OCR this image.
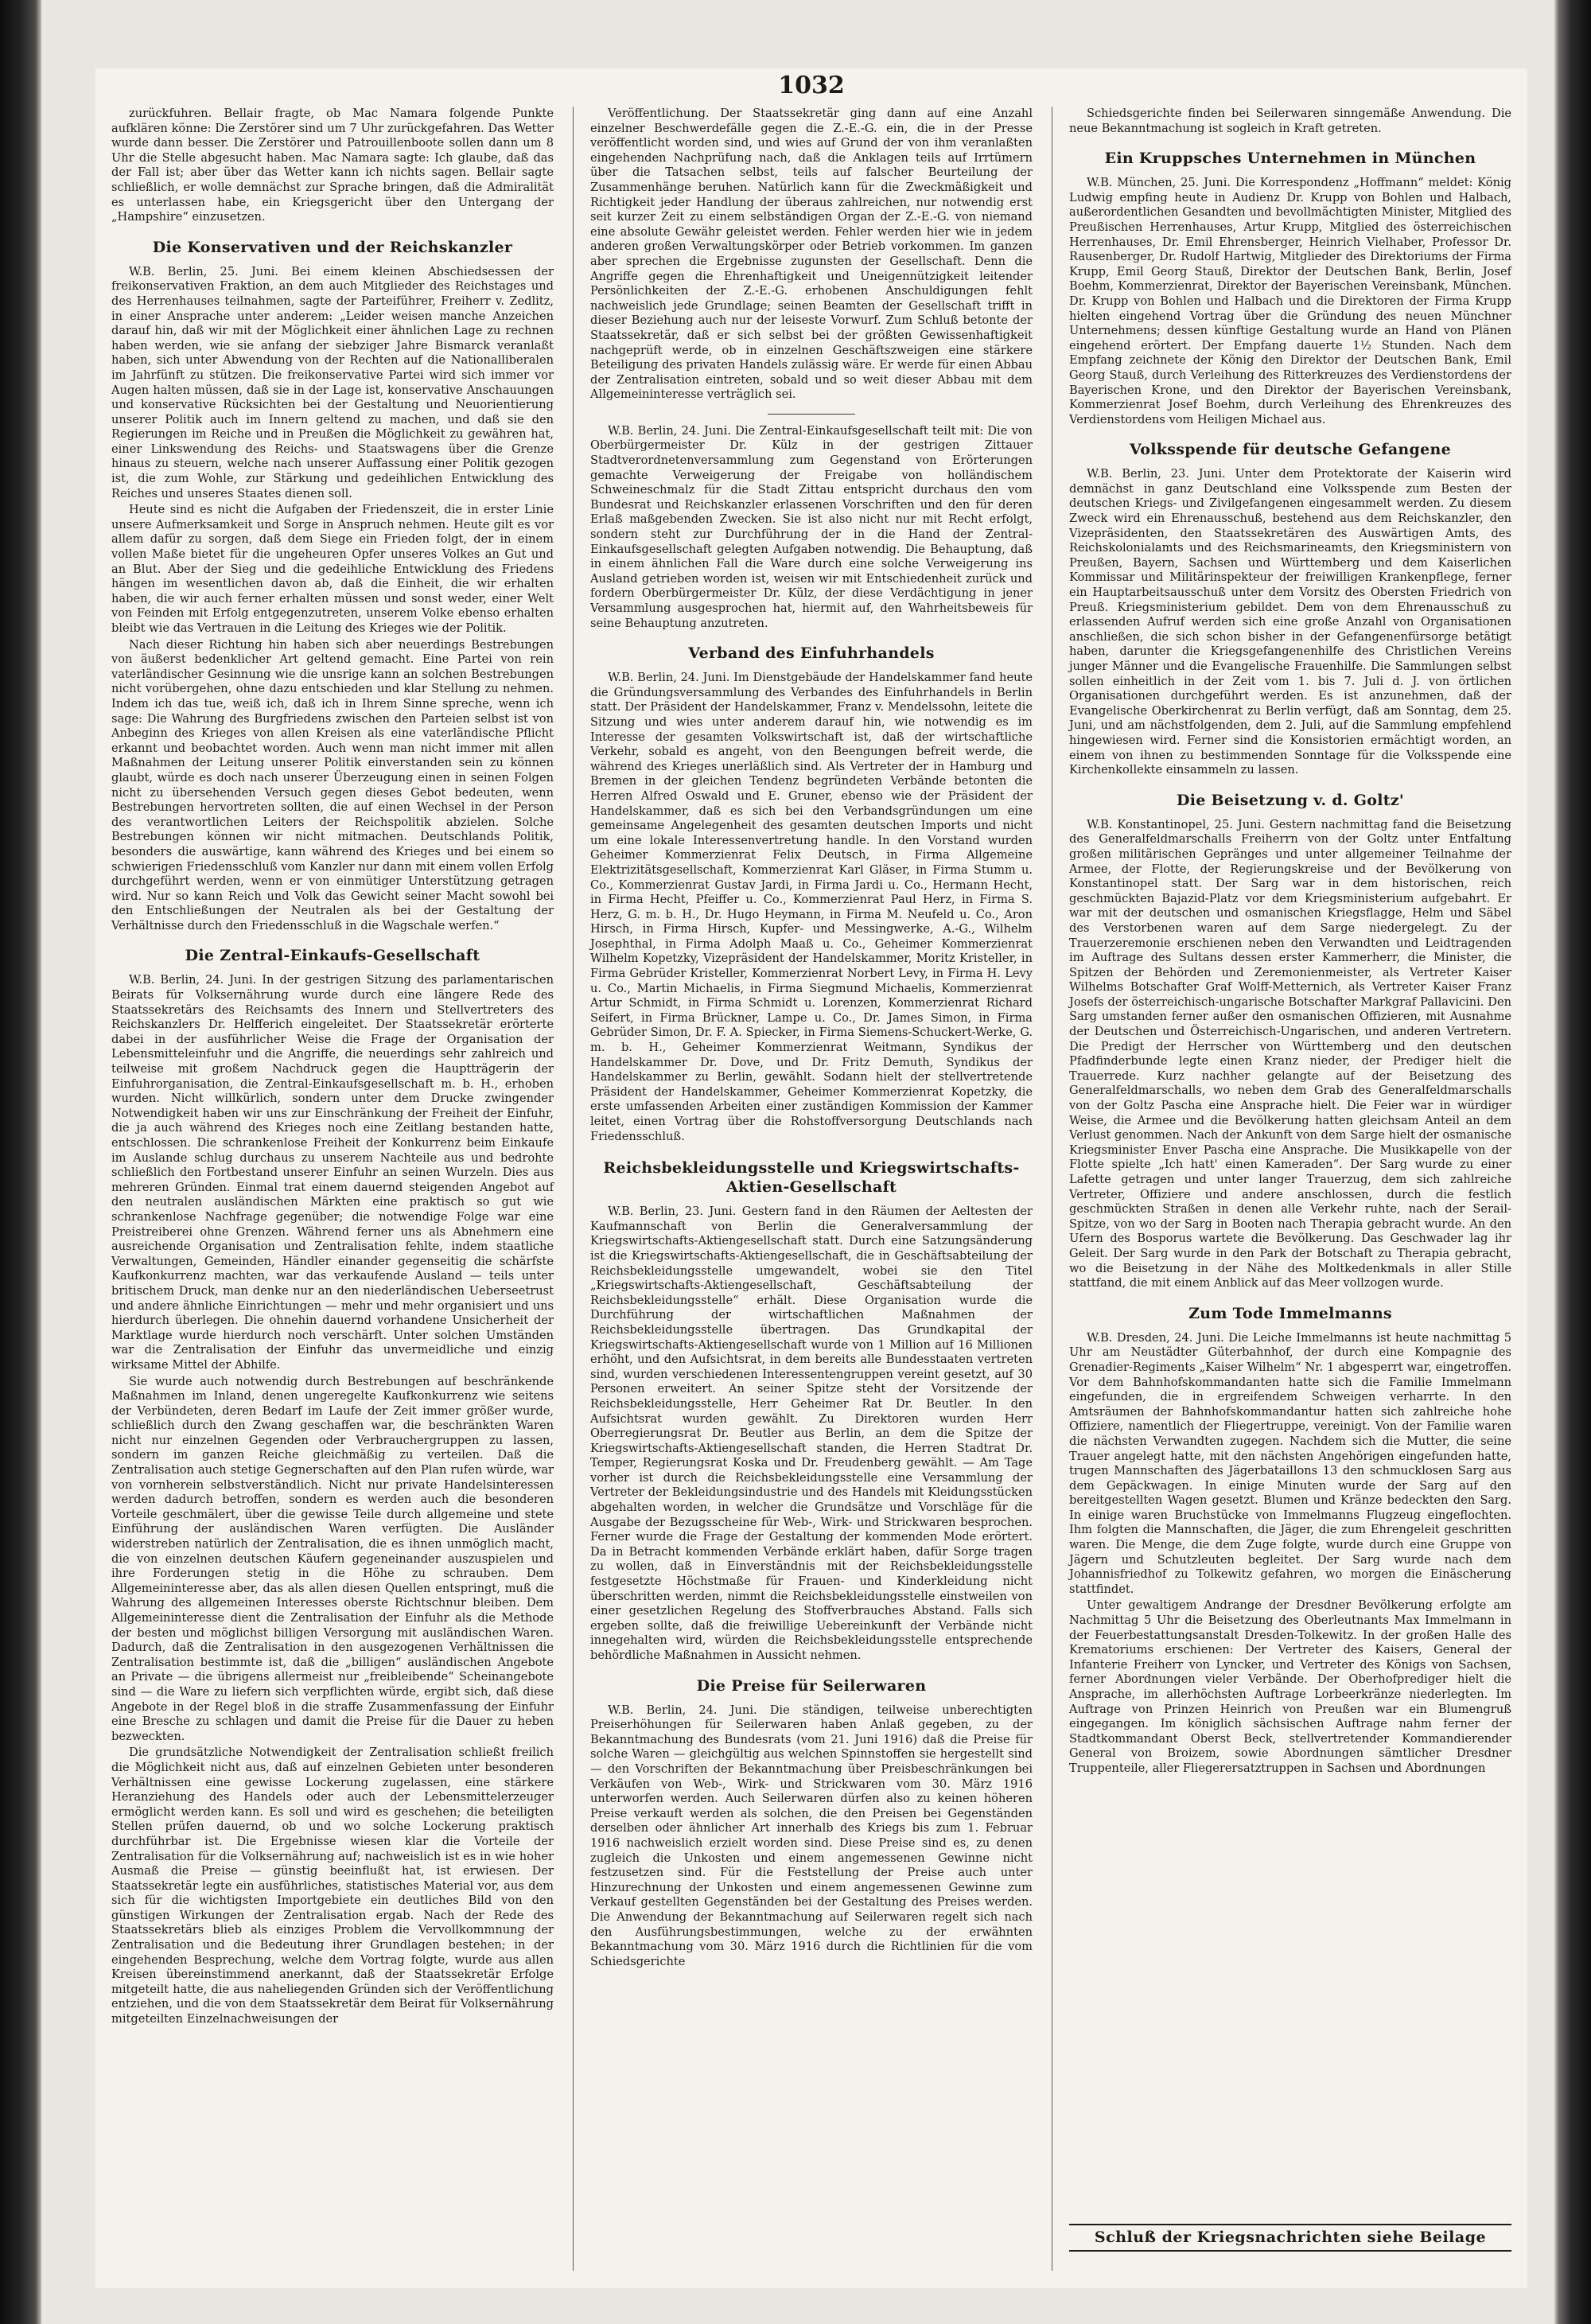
1032

zurückfuhren. Bellair fragte, ob Mac Namara folgende Punkte aufklären könne: Die Zerstörer sind um 7 Uhr zurückgefahren. Das Wetter wurde dann besser. Die Zerstörer und Patrouillenboote sollen dann um 8 Uhr die Stelle abgesucht haben. Mac Namara sagte: Ich glaube, daß das der Fall ist; aber über das Wetter kann ich nichts sagen. Bellair sagte schließlich, er wolle demnächst zur Sprache bringen, daß die Admiralität es unterlassen habe, ein Kriegsgericht über den Untergang der „Hampshire“ einzusetzen.

Die Konservativen und der Reichskanzler

W.B. Berlin, 25. Juni. Bei einem kleinen Abschiedsessen der freikonservativen Fraktion, an dem auch Mitglieder des Reichstages und des Herrenhauses teilnahmen, sagte der Parteiführer, Freiherr v. Zedlitz, in einer Ansprache unter anderem: „Leider weisen manche Anzeichen darauf hin, daß wir mit der Möglichkeit einer ähnlichen Lage zu rechnen haben werden, wie sie anfang der siebziger Jahre Bismarck veranlaßt haben, sich unter Abwendung von der Rechten auf die Nationalliberalen im Jahrfünft zu stützen. Die freikonservative Partei wird sich immer vor Augen halten müssen, daß sie in der Lage ist, konservative Anschauungen und konservative Rücksichten bei der Gestaltung und Neuorientierung unserer Politik auch im Innern geltend zu machen, und daß sie den Regierungen im Reiche und in Preußen die Möglichkeit zu gewähren hat, einer Linkswendung des Reichs- und Staatswagens über die Grenze hinaus zu steuern, welche nach unserer Auffassung einer Politik gezogen ist, die zum Wohle, zur Stärkung und gedeihlichen Entwicklung des Reiches und unseres Staates dienen soll.

Heute sind es nicht die Aufgaben der Friedenszeit, die in erster Linie unsere Aufmerksamkeit und Sorge in Anspruch nehmen. Heute gilt es vor allem dafür zu sorgen, daß dem Siege ein Frieden folgt, der in einem vollen Maße bietet für die ungeheuren Opfer unseres Volkes an Gut und an Blut. Aber der Sieg und die gedeihliche Entwicklung des Friedens hängen im wesentlichen davon ab, daß die Einheit, die wir erhalten haben, die wir auch ferner erhalten müssen und sonst weder, einer Welt von Feinden mit Erfolg entgegenzutreten, unserem Volke ebenso erhalten bleibt wie das Vertrauen in die Leitung des Krieges wie der Politik.

Nach dieser Richtung hin haben sich aber neuerdings Bestrebungen von äußerst bedenklicher Art geltend gemacht. Eine Partei von rein vaterländischer Gesinnung wie die unsrige kann an solchen Bestrebungen nicht vorübergehen, ohne dazu entschieden und klar Stellung zu nehmen. Indem ich das tue, weiß ich, daß ich in Ihrem Sinne spreche, wenn ich sage: Die Wahrung des Burgfriedens zwischen den Parteien selbst ist von Anbeginn des Krieges von allen Kreisen als eine vaterländische Pflicht erkannt und beobachtet worden. Auch wenn man nicht immer mit allen Maßnahmen der Leitung unserer Politik einverstanden sein zu können glaubt, würde es doch nach unserer Überzeugung einen in seinen Folgen nicht zu übersehenden Versuch gegen dieses Gebot bedeuten, wenn Bestrebungen hervortreten sollten, die auf einen Wechsel in der Person des verantwortlichen Leiters der Reichspolitik abzielen. Solche Bestrebungen können wir nicht mitmachen. Deutschlands Politik, besonders die auswärtige, kann während des Krieges und bei einem so schwierigen Friedensschluß vom Kanzler nur dann mit einem vollen Erfolg durchgeführt werden, wenn er von einmütiger Unterstützung getragen wird. Nur so kann Reich und Volk das Gewicht seiner Macht sowohl bei den Entschließungen der Neutralen als bei der Gestaltung der Verhältnisse durch den Friedensschluß in die Wagschale werfen.“

Die Zentral-Einkaufs-Gesellschaft

W.B. Berlin, 24. Juni. In der gestrigen Sitzung des parlamentarischen Beirats für Volksernährung wurde durch eine längere Rede des Staatssekretärs des Reichsamts des Innern und Stellvertreters des Reichskanzlers Dr. Helfferich eingeleitet. Der Staatssekretär erörterte dabei in der ausführlicher Weise die Frage der Organisation der Lebensmitteleinfuhr und die Angriffe, die neuerdings sehr zahlreich und teilweise mit großem Nachdruck gegen die Hauptträgerin der Einfuhrorganisation, die Zentral-Einkaufsgesellschaft m. b. H., erhoben wurden. Nicht willkürlich, sondern unter dem Drucke zwingender Notwendigkeit haben wir uns zur Einschränkung der Freiheit der Einfuhr, die ja auch während des Krieges noch eine Zeitlang bestanden hatte, entschlossen. Die schrankenlose Freiheit der Konkurrenz beim Einkaufe im Auslande schlug durchaus zu unserem Nachteile aus und bedrohte schließlich den Fortbestand unserer Einfuhr an seinen Wurzeln. Dies aus mehreren Gründen. Einmal trat einem dauernd steigenden Angebot auf den neutralen ausländischen Märkten eine praktisch so gut wie schrankenlose Nachfrage gegenüber; die notwendige Folge war eine Preistreiberei ohne Grenzen. Während ferner uns als Abnehmern eine ausreichende Organisation und Zentralisation fehlte, indem staatliche Verwaltungen, Gemeinden, Händler einander gegenseitig die schärfste Kaufkonkurrenz machten, war das verkaufende Ausland — teils unter britischem Druck, man denke nur an den niederländischen Ueberseetrust und andere ähnliche Einrichtungen — mehr und mehr organisiert und uns hierdurch überlegen. Die ohnehin dauernd vorhandene Unsicherheit der Marktlage wurde hierdurch noch verschärft. Unter solchen Umständen war die Zentralisation der Einfuhr das unvermeidliche und einzig wirksame Mittel der Abhilfe.

Sie wurde auch notwendig durch Bestrebungen auf beschränkende Maßnahmen im Inland, denen ungeregelte Kaufkonkurrenz wie seitens der Verbündeten, deren Bedarf im Laufe der Zeit immer größer wurde, schließlich durch den Zwang geschaffen war, die beschränkten Waren nicht nur einzelnen Gegenden oder Verbrauchergruppen zu lassen, sondern im ganzen Reiche gleichmäßig zu verteilen. Daß die Zentralisation auch stetige Gegnerschaften auf den Plan rufen würde, war von vornherein selbstverständlich. Nicht nur private Handelsinteressen werden dadurch betroffen, sondern es werden auch die besonderen Vorteile geschmälert, über die gewisse Teile durch allgemeine und stete Einführung der ausländischen Waren verfügten. Die Ausländer widerstreben natürlich der Zentralisation, die es ihnen unmöglich macht, die von einzelnen deutschen Käufern gegeneinander auszuspielen und ihre Forderungen stetig in die Höhe zu schrauben. Dem Allgemeininteresse aber, das als allen diesen Quellen entspringt, muß die Wahrung des allgemeinen Interesses oberste Richtschnur bleiben. Dem Allgemeininteresse dient die Zentralisation der Einfuhr als die Methode der besten und möglichst billigen Versorgung mit ausländischen Waren. Dadurch, daß die Zentralisation in den ausgezogenen Verhältnissen die Zentralisation bestimmte ist, daß die „billigen“ ausländischen Angebote an Private — die übrigens allermeist nur „freibleibende“ Scheinangebote sind — die Ware zu liefern sich verpflichten würde, ergibt sich, daß diese Angebote in der Regel bloß in die straffe Zusammenfassung der Einfuhr eine Bresche zu schlagen und damit die Preise für die Dauer zu heben bezweckten.

Die grundsätzliche Notwendigkeit der Zentralisation schließt freilich die Möglichkeit nicht aus, daß auf einzelnen Gebieten unter besonderen Verhältnissen eine gewisse Lockerung zugelassen, eine stärkere Heranziehung des Handels oder auch der Lebensmittelerzeuger ermöglicht werden kann. Es soll und wird es geschehen; die beteiligten Stellen prüfen dauernd, ob und wo solche Lockerung praktisch durchführbar ist. Die Ergebnisse wiesen klar die Vorteile der Zentralisation für die Volksernährung auf; nachweislich ist es in wie hoher Ausmaß die Preise — günstig beeinflußt hat, ist erwiesen. Der Staatssekretär legte ein ausführliches, statistisches Material vor, aus dem sich für die wichtigsten Importgebiete ein deutliches Bild von den günstigen Wirkungen der Zentralisation ergab. Nach der Rede des Staatssekretärs blieb als einziges Problem die Vervollkommnung der Zentralisation und die Bedeutung ihrer Grundlagen bestehen; in der eingehenden Besprechung, welche dem Vortrag folgte, wurde aus allen Kreisen übereinstimmend anerkannt, daß der Staatssekretär Erfolge mitgeteilt hatte, die aus naheliegenden Gründen sich der Veröffentlichung entziehen, und die von dem Staatssekretär dem Beirat für Volksernährung mitgeteilten Einzelnachweisungen der

Veröffentlichung. Der Staatssekretär ging dann auf eine Anzahl einzelner Beschwerdefälle gegen die Z.-E.-G. ein, die in der Presse veröffentlicht worden sind, und wies auf Grund der von ihm veranlaßten eingehenden Nachprüfung nach, daß die Anklagen teils auf Irrtümern über die Tatsachen selbst, teils auf falscher Beurteilung der Zusammenhänge beruhen. Natürlich kann für die Zweckmäßigkeit und Richtigkeit jeder Handlung der überaus zahlreichen, nur notwendig erst seit kurzer Zeit zu einem selbständigen Organ der Z.-E.-G. von niemand eine absolute Gewähr geleistet werden. Fehler werden hier wie in jedem anderen großen Verwaltungskörper oder Betrieb vorkommen. Im ganzen aber sprechen die Ergebnisse zugunsten der Gesellschaft. Denn die Angriffe gegen die Ehrenhaftigkeit und Uneigennützigkeit leitender Persönlichkeiten der Z.-E.-G. erhobenen Anschuldigungen fehlt nachweislich jede Grundlage; seinen Beamten der Gesellschaft trifft in dieser Beziehung auch nur der leiseste Vorwurf. Zum Schluß betonte der Staatssekretär, daß er sich selbst bei der größten Gewissenhaftigkeit nachgeprüft werde, ob in einzelnen Geschäftszweigen eine stärkere Beteiligung des privaten Handels zulässig wäre. Er werde für einen Abbau der Zentralisation eintreten, sobald und so weit dieser Abbau mit dem Allgemeininteresse verträglich sei.

W.B. Berlin, 24. Juni. Die Zentral-Einkaufsgesellschaft teilt mit: Die von Oberbürgermeister Dr. Külz in der gestrigen Zittauer Stadtverordnetenversammlung zum Gegenstand von Erörterungen gemachte Verweigerung der Freigabe von holländischem Schweineschmalz für die Stadt Zittau entspricht durchaus den vom Bundesrat und Reichskanzler erlassenen Vorschriften und den für deren Erlaß maßgebenden Zwecken. Sie ist also nicht nur mit Recht erfolgt, sondern steht zur Durchführung der in die Hand der Zentral-Einkaufsgesellschaft gelegten Aufgaben notwendig. Die Behauptung, daß in einem ähnlichen Fall die Ware durch eine solche Verweigerung ins Ausland getrieben worden ist, weisen wir mit Entschiedenheit zurück und fordern Oberbürgermeister Dr. Külz, der diese Verdächtigung in jener Versammlung ausgesprochen hat, hiermit auf, den Wahrheitsbeweis für seine Behauptung anzutreten.

Verband des Einfuhrhandels

W.B. Berlin, 24. Juni. Im Dienstgebäude der Handelskammer fand heute die Gründungsversammlung des Verbandes des Einfuhrhandels in Berlin statt. Der Präsident der Handelskammer, Franz v. Mendelssohn, leitete die Sitzung und wies unter anderem darauf hin, wie notwendig es im Interesse der gesamten Volkswirtschaft ist, daß der wirtschaftliche Verkehr, sobald es angeht, von den Beengungen befreit werde, die während des Krieges unerläßlich sind. Als Vertreter der in Hamburg und Bremen in der gleichen Tendenz begründeten Verbände betonten die Herren Alfred Oswald und E. Gruner, ebenso wie der Präsident der Handelskammer, daß es sich bei den Verbandsgründungen um eine gemeinsame Angelegenheit des gesamten deutschen Imports und nicht um eine lokale Interessenvertretung handle. In den Vorstand wurden Geheimer Kommerzienrat Felix Deutsch, in Firma Allgemeine Elektrizitätsgesellschaft, Kommerzienrat Karl Gläser, in Firma Stumm u. Co., Kommerzienrat Gustav Jardi, in Firma Jardi u. Co., Hermann Hecht, in Firma Hecht, Pfeiffer u. Co., Kommerzienrat Paul Herz, in Firma S. Herz, G. m. b. H., Dr. Hugo Heymann, in Firma M. Neufeld u. Co., Aron Hirsch, in Firma Hirsch, Kupfer- und Messingwerke, A.-G., Wilhelm Josephthal, in Firma Adolph Maaß u. Co., Geheimer Kommerzienrat Wilhelm Kopetzky, Vizepräsident der Handelskammer, Moritz Kristeller, in Firma Gebrüder Kristeller, Kommerzienrat Norbert Levy, in Firma H. Levy u. Co., Martin Michaelis, in Firma Siegmund Michaelis, Kommerzienrat Artur Schmidt, in Firma Schmidt u. Lorenzen, Kommerzienrat Richard Seifert, in Firma Brückner, Lampe u. Co., Dr. James Simon, in Firma Gebrüder Simon, Dr. F. A. Spiecker, in Firma Siemens-Schuckert-Werke, G. m. b. H., Geheimer Kommerzienrat Weitmann, Syndikus der Handelskammer Dr. Dove, und Dr. Fritz Demuth, Syndikus der Handelskammer zu Berlin, gewählt. Sodann hielt der stellvertretende Präsident der Handelskammer, Geheimer Kommerzienrat Kopetzky, die erste umfassenden Arbeiten einer zuständigen Kommission der Kammer leitet, einen Vortrag über die Rohstoffversorgung Deutschlands nach Friedensschluß.

Reichsbekleidungsstelle und Kriegswirtschafts-Aktien-Gesellschaft

W.B. Berlin, 23. Juni. Gestern fand in den Räumen der Aeltesten der Kaufmannschaft von Berlin die Generalversammlung der Kriegswirtschafts-Aktiengesellschaft statt. Durch eine Satzungsänderung ist die Kriegswirtschafts-Aktiengesellschaft, die in Geschäftsabteilung der Reichsbekleidungsstelle umgewandelt, wobei sie den Titel „Kriegswirtschafts-Aktiengesellschaft, Geschäftsabteilung der Reichsbekleidungsstelle“ erhält. Diese Organisation wurde die Durchführung der wirtschaftlichen Maßnahmen der Reichsbekleidungsstelle übertragen. Das Grundkapital der Kriegswirtschafts-Aktiengesellschaft wurde von 1 Million auf 16 Millionen erhöht, und den Aufsichtsrat, in dem bereits alle Bundesstaaten vertreten sind, wurden verschiedenen Interessentengruppen vereint gesetzt, auf 30 Personen erweitert. An seiner Spitze steht der Vorsitzende der Reichsbekleidungsstelle, Herr Geheimer Rat Dr. Beutler. In den Aufsichtsrat wurden gewählt. Zu Direktoren wurden Herr Oberregierungsrat Dr. Beutler aus Berlin, an dem die Spitze der Kriegswirtschafts-Aktiengesellschaft standen, die Herren Stadtrat Dr. Temper, Regierungsrat Koska und Dr. Freudenberg gewählt. — Am Tage vorher ist durch die Reichsbekleidungsstelle eine Versammlung der Vertreter der Bekleidungsindustrie und des Handels mit Kleidungsstücken abgehalten worden, in welcher die Grundsätze und Vorschläge für die Ausgabe der Bezugsscheine für Web-, Wirk- und Strickwaren besprochen. Ferner wurde die Frage der Gestaltung der kommenden Mode erörtert. Da in Betracht kommenden Verbände erklärt haben, dafür Sorge tragen zu wollen, daß in Einverständnis mit der Reichsbekleidungsstelle festgesetzte Höchstmaße für Frauen- und Kinderkleidung nicht überschritten werden, nimmt die Reichsbekleidungsstelle einstweilen von einer gesetzlichen Regelung des Stoffverbrauches Abstand. Falls sich ergeben sollte, daß die freiwillige Uebereinkunft der Verbände nicht innegehalten wird, würden die Reichsbekleidungsstelle entsprechende behördliche Maßnahmen in Aussicht nehmen.

Die Preise für Seilerwaren

W.B. Berlin, 24. Juni. Die ständigen, teilweise unberechtigten Preiserhöhungen für Seilerwaren haben Anlaß gegeben, zu der Bekanntmachung des Bundesrats (vom 21. Juni 1916) daß die Preise für solche Waren — gleichgültig aus welchen Spinnstoffen sie hergestellt sind — den Vorschriften der Bekanntmachung über Preisbeschränkungen bei Verkäufen von Web-, Wirk- und Strickwaren vom 30. März 1916 unterworfen werden. Auch Seilerwaren dürfen also zu keinen höheren Preise verkauft werden als solchen, die den Preisen bei Gegenständen derselben oder ähnlicher Art innerhalb des Kriegs bis zum 1. Februar 1916 nachweislich erzielt worden sind. Diese Preise sind es, zu denen zugleich die Unkosten und einem angemessenen Gewinne nicht festzusetzen sind. Für die Feststellung der Preise auch unter Hinzurechnung der Unkosten und einem angemessenen Gewinne zum Verkauf gestellten Gegenständen bei der Gestaltung des Preises werden. Die Anwendung der Bekanntmachung auf Seilerwaren regelt sich nach den Ausführungsbestimmungen, welche zu der erwähnten Bekanntmachung vom 30. März 1916 durch die Richtlinien für die vom Schiedsgerichte

Schiedsgerichte finden bei Seilerwaren sinngemäße Anwendung. Die neue Bekanntmachung ist sogleich in Kraft getreten.

Ein Kruppsches Unternehmen in München

W.B. München, 25. Juni. Die Korrespondenz „Hoffmann“ meldet: König Ludwig empfing heute in Audienz Dr. Krupp von Bohlen und Halbach, außerordentlichen Gesandten und bevollmächtigten Minister, Mitglied des Preußischen Herrenhauses, Artur Krupp, Mitglied des österreichischen Herrenhauses, Dr. Emil Ehrensberger, Heinrich Vielhaber, Professor Dr. Rausenberger, Dr. Rudolf Hartwig, Mitglieder des Direktoriums der Firma Krupp, Emil Georg Stauß, Direktor der Deutschen Bank, Berlin, Josef Boehm, Kommerzienrat, Direktor der Bayerischen Vereinsbank, München. Dr. Krupp von Bohlen und Halbach und die Direktoren der Firma Krupp hielten eingehend Vortrag über die Gründung des neuen Münchner Unternehmens; dessen künftige Gestaltung wurde an Hand von Plänen eingehend erörtert. Der Empfang dauerte 1½ Stunden. Nach dem Empfang zeichnete der König den Direktor der Deutschen Bank, Emil Georg Stauß, durch Verleihung des Ritterkreuzes des Verdienstordens der Bayerischen Krone, und den Direktor der Bayerischen Vereinsbank, Kommerzienrat Josef Boehm, durch Verleihung des Ehrenkreuzes des Verdienstordens vom Heiligen Michael aus.

Volksspende für deutsche Gefangene

W.B. Berlin, 23. Juni. Unter dem Protektorate der Kaiserin wird demnächst in ganz Deutschland eine Volksspende zum Besten der deutschen Kriegs- und Zivilgefangenen eingesammelt werden. Zu diesem Zweck wird ein Ehrenausschuß, bestehend aus dem Reichskanzler, den Vizepräsidenten, den Staatssekretären des Auswärtigen Amts, des Reichskolonialamts und des Reichsmarineamts, den Kriegsministern von Preußen, Bayern, Sachsen und Württemberg und dem Kaiserlichen Kommissar und Militärinspekteur der freiwilligen Krankenpflege, ferner ein Hauptarbeitsausschuß unter dem Vorsitz des Obersten Friedrich von Preuß. Kriegsministerium gebildet. Dem von dem Ehrenausschuß zu erlassenden Aufruf werden sich eine große Anzahl von Organisationen anschließen, die sich schon bisher in der Gefangenenfürsorge betätigt haben, darunter die Kriegsgefangenenhilfe des Christlichen Vereins junger Männer und die Evangelische Frauenhilfe. Die Sammlungen selbst sollen einheitlich in der Zeit vom 1. bis 7. Juli d. J. von örtlichen Organisationen durchgeführt werden. Es ist anzunehmen, daß der Evangelische Oberkirchenrat zu Berlin verfügt, daß am Sonntag, dem 25. Juni, und am nächstfolgenden, dem 2. Juli, auf die Sammlung empfehlend hingewiesen wird. Ferner sind die Konsistorien ermächtigt worden, an einem von ihnen zu bestimmenden Sonntage für die Volksspende eine Kirchenkollekte einsammeln zu lassen.

Die Beisetzung v. d. Goltz'

W.B. Konstantinopel, 25. Juni. Gestern nachmittag fand die Beisetzung des Generalfeldmarschalls Freiherrn von der Goltz unter Entfaltung großen militärischen Gepränges und unter allgemeiner Teilnahme der Armee, der Flotte, der Regierungskreise und der Bevölkerung von Konstantinopel statt. Der Sarg war in dem historischen, reich geschmückten Bajazid-Platz vor dem Kriegsministerium aufgebahrt. Er war mit der deutschen und osmanischen Kriegsflagge, Helm und Säbel des Verstorbenen waren auf dem Sarge niedergelegt. Zu der Trauerzeremonie erschienen neben den Verwandten und Leidtragenden im Auftrage des Sultans dessen erster Kammerherr, die Minister, die Spitzen der Behörden und Zeremonienmeister, als Vertreter Kaiser Wilhelms Botschafter Graf Wolff-Metternich, als Vertreter Kaiser Franz Josefs der österreichisch-ungarische Botschafter Markgraf Pallavicini. Den Sarg umstanden ferner außer den osmanischen Offizieren, mit Ausnahme der Deutschen und Österreichisch-Ungarischen, und anderen Vertretern. Die Predigt der Herrscher von Württemberg und den deutschen Pfadfinderbunde legte einen Kranz nieder, der Prediger hielt die Trauerrede. Kurz nachher gelangte auf der Beisetzung des Generalfeldmarschalls, wo neben dem Grab des Generalfeldmarschalls von der Goltz Pascha eine Ansprache hielt. Die Feier war in würdiger Weise, die Armee und die Bevölkerung hatten gleichsam Anteil an dem Verlust genommen. Nach der Ankunft von dem Sarge hielt der osmanische Kriegsminister Enver Pascha eine Ansprache. Die Musikkapelle von der Flotte spielte „Ich hatt' einen Kameraden“. Der Sarg wurde zu einer Lafette getragen und unter langer Trauerzug, dem sich zahlreiche Vertreter, Offiziere und andere anschlossen, durch die festlich geschmückten Straßen in denen alle Verkehr ruhte, nach der Serail-Spitze, von wo der Sarg in Booten nach Therapia gebracht wurde. An den Ufern des Bosporus wartete die Bevölkerung. Das Geschwader lag ihr Geleit. Der Sarg wurde in den Park der Botschaft zu Therapia gebracht, wo die Beisetzung in der Nähe des Moltkedenkmals in aller Stille stattfand, die mit einem Anblick auf das Meer vollzogen wurde.

Zum Tode Immelmanns

W.B. Dresden, 24. Juni. Die Leiche Immelmanns ist heute nachmittag 5 Uhr am Neustädter Güterbahnhof, der durch eine Kompagnie des Grenadier-Regiments „Kaiser Wilhelm“ Nr. 1 abgesperrt war, eingetroffen. Vor dem Bahnhofskommandanten hatte sich die Familie Immelmann eingefunden, die in ergreifendem Schweigen verharrte. In den Amtsräumen der Bahnhofskommandantur hatten sich zahlreiche hohe Offiziere, namentlich der Fliegertruppe, vereinigt. Von der Familie waren die nächsten Verwandten zugegen. Nachdem sich die Mutter, die seine Trauer angelegt hatte, mit den nächsten Angehörigen eingefunden hatte, trugen Mannschaften des Jägerbataillons 13 den schmucklosen Sarg aus dem Gepäckwagen. In einige Minuten wurde der Sarg auf den bereitgestellten Wagen gesetzt. Blumen und Kränze bedeckten den Sarg. In einige waren Bruchstücke von Immelmanns Flugzeug eingeflochten. Ihm folgten die Mannschaften, die Jäger, die zum Ehrengeleit geschritten waren. Die Menge, die dem Zuge folgte, wurde durch eine Gruppe von Jägern und Schutzleuten begleitet. Der Sarg wurde nach dem Johannisfriedhof zu Tolkewitz gefahren, wo morgen die Einäscherung stattfindet.

Unter gewaltigem Andrange der Dresdner Bevölkerung erfolgte am Nachmittag 5 Uhr die Beisetzung des Oberleutnants Max Immelmann in der Feuerbestattungsanstalt Dresden-Tolkewitz. In der großen Halle des Krematoriums erschienen: Der Vertreter des Kaisers, General der Infanterie Freiherr von Lyncker, und Vertreter des Königs von Sachsen, ferner Abordnungen vieler Verbände. Der Oberhofprediger hielt die Ansprache, im allerhöchsten Auftrage Lorbeerkränze niederlegten. Im Auftrage von Prinzen Heinrich von Preußen war ein Blumengruß eingegangen. Im königlich sächsischen Auftrage nahm ferner der Stadtkommandant Oberst Beck, stellvertretender Kommandierender General von Broizem, sowie Abordnungen sämtlicher Dresdner Truppenteile, aller Fliegerersatztruppen in Sachsen und Abordnungen

Schluß der Kriegsnachrichten siehe Beilage
